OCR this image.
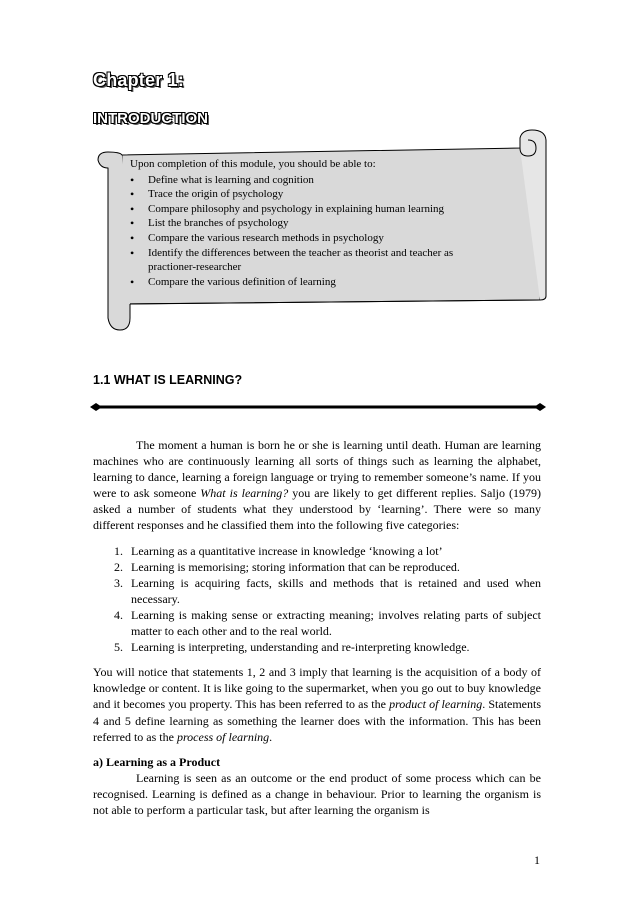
Chapter 1:
INTRODUCTION

Upon completion of this module, you should be able to:

• Define what is learning and cognition
• Trace the origin of psychology
• Compare philosophy and psychology in explaining human learning
• List the branches of psychology
• Compare the various research methods in psychology
• Identify the differences between the teacher as theorist and teacher as practioner-researcher
• Compare the various definition of learning
1.1 WHAT IS LEARNING?

The moment a human is born he or she is learning until death. Human are learning machines who are continuously learning all sorts of things such as learning the alphabet, learning to dance, learning a foreign language or trying to remember someone’s name. If you were to ask someone What is learning? you are likely to get different replies. Saljo (1979) asked a number of students what they understood by ‘learning’. There were so many different responses and he classified them into the following five categories:

1. Learning as a quantitative increase in knowledge ‘knowing a lot’
2. Learning is memorising; storing information that can be reproduced.
3. Learning is acquiring facts, skills and methods that is retained and used when necessary.
4. Learning is making sense or extracting meaning; involves relating parts of subject matter to each other and to the real world.
5. Learning is interpreting, understanding and re-interpreting knowledge.

You will notice that statements 1, 2 and 3 imply that learning is the acquisition of a body of knowledge or content. It is like going to the supermarket, when you go out to buy knowledge and it becomes you property. This has been referred to as the product of learning. Statements 4 and 5 define learning as something the learner does with the information. This has been referred to as the process of learning.

a) Learning as a Product

Learning is seen as an outcome or the end product of some process which can be recognised. Learning is defined as a change in behaviour. Prior to learning the organism is not able to perform a particular task, but after learning the organism is

1
